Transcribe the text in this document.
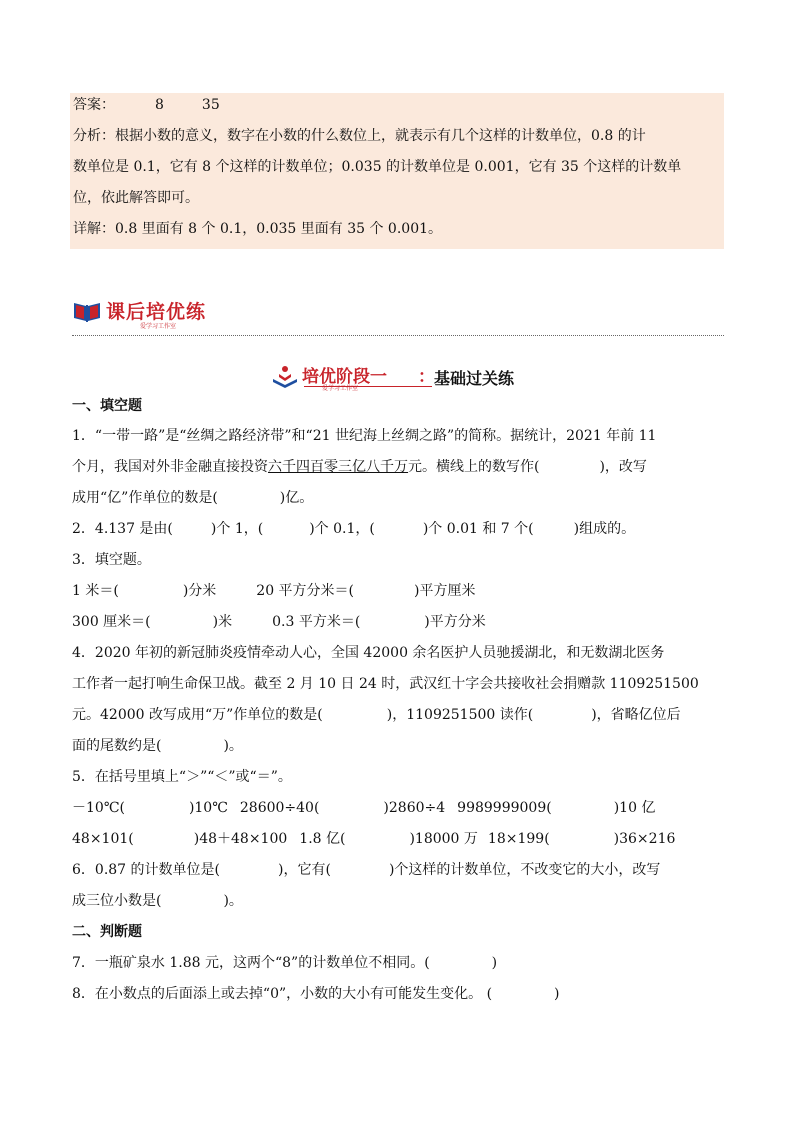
答案：	8	35
分析：根据小数的意义，数字在小数的什么数位上，就表示有几个这样的计数单位，0.8 的计
数单位是 0.1，它有 8 个这样的计数单位；0.035 的计数单位是 0.001，它有 35 个这样的计数单
位，依此解答即可。
详解：0.8 里面有 8 个 0.1，0.035 里面有 35 个 0.001。
课后培优练
爱学习工作室
培优阶段一
爱学习工作室
： 基础过关练
一、填空题
1．“一带一路”是“丝绸之路经济带”和“21 世纪海上丝绸之路”的简称。据统计，2021 年前 11
个月，我国对外非金融直接投资六千四百零三亿八千万元。横线上的数写作(	)，改写
成用“亿”作单位的数是(	)亿。
2．4.137 是由(	)个 1，(	)个 0.1，(	)个 0.01 和 7 个(	)组成的。
3．填空题。
1 米＝(	)分米	20 平方分米＝(	)平方厘米
300 厘米＝(	)米	0.3 平方米＝(	)平方分米
4．2020 年初的新冠肺炎疫情牵动人心，全国 42000 余名医护人员驰援湖北，和无数湖北医务
工作者一起打响生命保卫战。截至 2 月 10 日 24 时，武汉红十字会共接收社会捐赠款 1109251500
元。42000 改写成用“万”作单位的数是(	)，1109251500 读作(	)，省略亿位后
面的尾数约是(	)。
5．在括号里填上“＞”“＜”或“＝”。
－10℃(	)10℃ 28600÷40(	)2860÷4 9989999009(	)10 亿
48×101(	)48＋48×100 1.8 亿(	)18000 万 18×199(	)36×216
6．0.87 的计数单位是(	)，它有(	)个这样的计数单位，不改变它的大小，改写
成三位小数是(	)。
二、判断题
7．一瓶矿泉水 1.88 元，这两个“8”的计数单位不相同。(	)
8．在小数点的后面添上或去掉“0”，小数的大小有可能发生变化。 (	)
